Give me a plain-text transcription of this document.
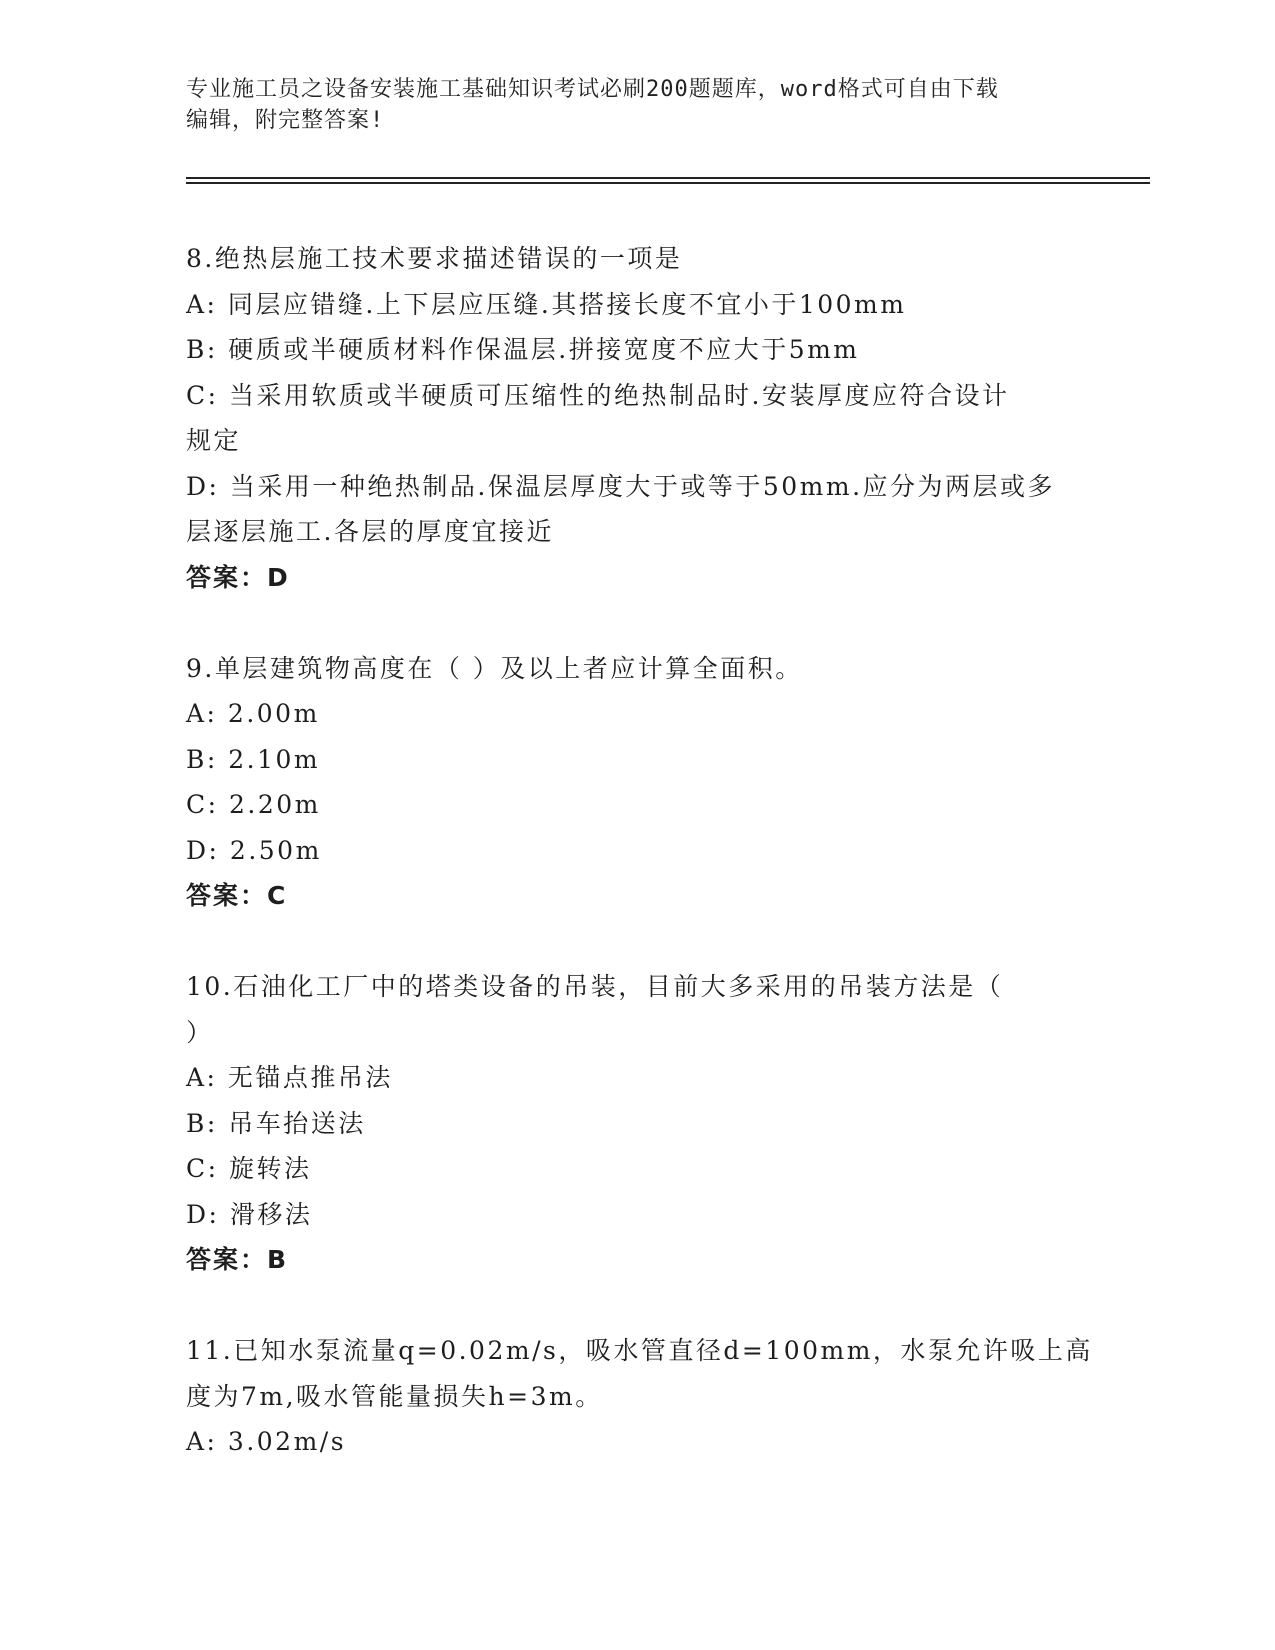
专业施工员之设备安装施工基础知识考试必刷200题题库，word格式可自由下载
编辑，附完整答案!
8.绝热层施工技术要求描述错误的一项是
A: 同层应错缝.上下层应压缝.其搭接长度不宜小于100mm
B: 硬质或半硬质材料作保温层.拼接宽度不应大于5mm
C: 当采用软质或半硬质可压缩性的绝热制品时.安装厚度应符合设计
规定
D: 当采用一种绝热制品.保温层厚度大于或等于50mm.应分为两层或多
层逐层施工.各层的厚度宜接近
答案：D
9.单层建筑物高度在（ ）及以上者应计算全面积。
A: 2.00m
B: 2.10m
C: 2.20m
D: 2.50m
答案：C
10.石油化工厂中的塔类设备的吊装，目前大多采用的吊装方法是（
）
A: 无锚点推吊法
B: 吊车抬送法
C: 旋转法
D: 滑移法
答案：B
11.已知水泵流量q=0.02m/s，吸水管直径d=100mm，水泵允许吸上高
度为7m,吸水管能量损失h=3m。
A: 3.02m/s
